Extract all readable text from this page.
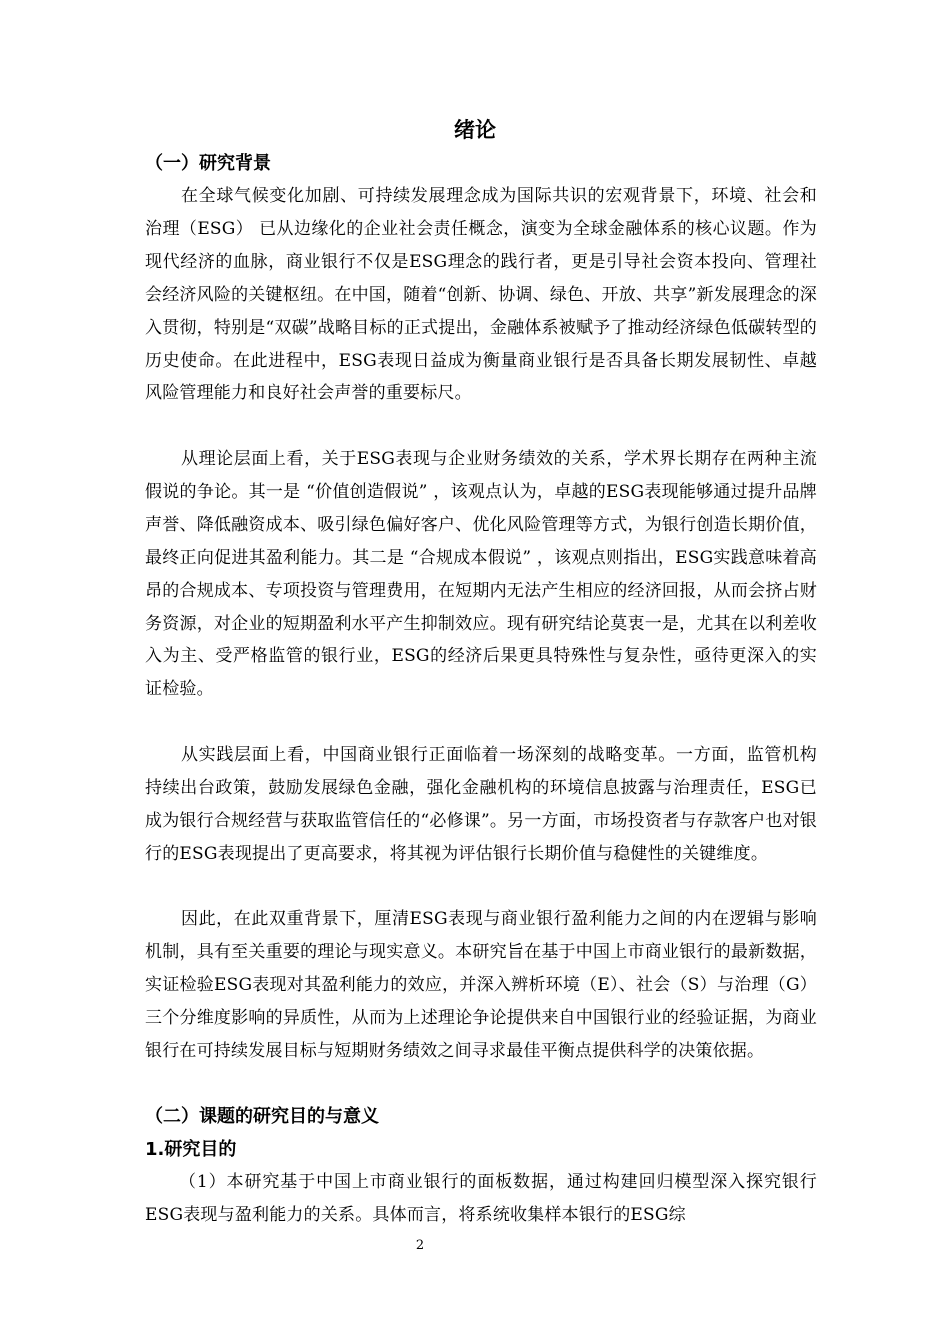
绪论
（一）研究背景

在全球气候变化加剧、可持续发展理念成为国际共识的宏观背景下，环境、社会和治理（ESG） 已从边缘化的企业社会责任概念，演变为全球金融体系的核心议题。作为现代经济的血脉，商业银行不仅是ESG理念的践行者，更是引导社会资本投向、管理社会经济风险的关键枢纽。在中国，随着“创新、协调、绿色、开放、共享”新发展理念的深入贯彻，特别是“双碳”战略目标的正式提出，金融体系被赋予了推动经济绿色低碳转型的历史使命。在此进程中，ESG表现日益成为衡量商业银行是否具备长期发展韧性、卓越风险管理能力和良好社会声誉的重要标尺。

从理论层面上看，关于ESG表现与企业财务绩效的关系，学术界长期存在两种主流假说的争论。其一是 “价值创造假说” ，该观点认为，卓越的ESG表现能够通过提升品牌声誉、降低融资成本、吸引绿色偏好客户、优化风险管理等方式，为银行创造长期价值，最终正向促进其盈利能力。其二是 “合规成本假说” ，该观点则指出，ESG实践意味着高昂的合规成本、专项投资与管理费用，在短期内无法产生相应的经济回报，从而会挤占财务资源，对企业的短期盈利水平产生抑制效应。现有研究结论莫衷一是，尤其在以利差收入为主、受严格监管的银行业，ESG的经济后果更具特殊性与复杂性，亟待更深入的实证检验。

从实践层面上看，中国商业银行正面临着一场深刻的战略变革。一方面，监管机构持续出台政策，鼓励发展绿色金融，强化金融机构的环境信息披露与治理责任，ESG已成为银行合规经营与获取监管信任的“必修课”。另一方面，市场投资者与存款客户也对银行的ESG表现提出了更高要求，将其视为评估银行长期价值与稳健性的关键维度。

因此，在此双重背景下，厘清ESG表现与商业银行盈利能力之间的内在逻辑与影响机制，具有至关重要的理论与现实意义。本研究旨在基于中国上市商业银行的最新数据，实证检验ESG表现对其盈利能力的效应，并深入辨析环境（E）、社会（S）与治理（G）三个分维度影响的异质性，从而为上述理论争论提供来自中国银行业的经验证据，为商业银行在可持续发展目标与短期财务绩效之间寻求最佳平衡点提供科学的决策依据。

（二）课题的研究目的与意义
1.研究目的

（1）本研究基于中国上市商业银行的面板数据，通过构建回归模型深入探究银行ESG表现与盈利能力的关系。具体而言，将系统收集样本银行的ESG综

2
